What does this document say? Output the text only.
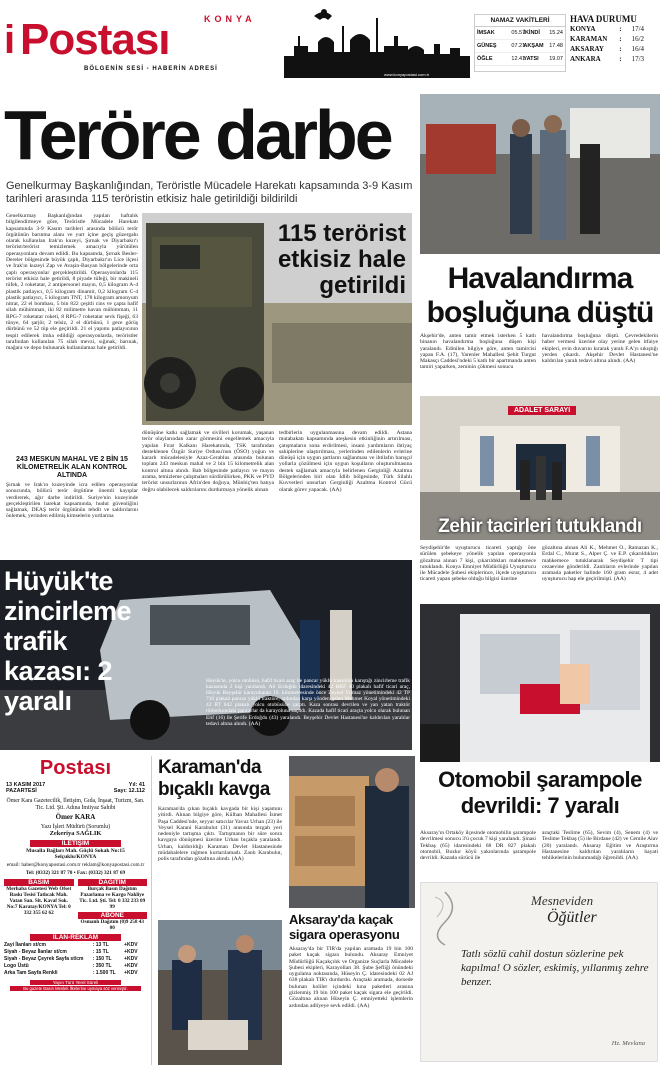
KONYA
i Postası
BÖLGENİN SESİ - HABERİN ADRESİ
www.konyapostasi.com.tr
NAMAZ VAKİTLERİ
İMSAK	05.57
İKİNDİ	15.24
GÜNEŞ	07.21
AKŞAM	17.48
ÖĞLE	12.41
YATSI	19.07
HAVA DURUMU
KONYA	:	17/4
KARAMAN	:	16/2
AKSARAY	:	16/4
ANKARA	:	17/3
Teröre darbe
Genelkurmay Başkanlığından, Teröristle Mücadele Harekatı kapsamında 3-9 Kasım tarihleri arasında 115 teröristin etkisiz hale getirildiği bildirildi
115 terörist etkisiz hale getirildi
Genelkurmay Başkanlığından yapılan haftalık bilgilendirmeye göre, Teröristle Mücadele Harekatı kapsamında 3-9 Kasım tarihleri arasında bölücü terör örgütünün barınma alanı ve yurt içine geçiş güzergahı olarak kullanılan Irak'ın kuzeyi, Şırnak ve Diyarbakır'ı terörist/terörist temizlemek amacıyla yürütülen operasyonlara devam edildi. Bu kapsamda, Şırnak Besler-Dereler bölgesinde büyük çaplı, Diyarbakır'ın Lice ilçesi ve Irak'ın kuzeyi Zap ve Avaşin-Basyan bölgelerinde orta çaplı operasyonlar gerçekleştirildi. Operasyonlarda 115 terörist etkisiz hale getirildi, 8 piyade tüfeği, bir makineli tüfek, 2 roketatar, 2 antipersonel mayın, 0,5 kilogram A-4 plastik patlayıcı, 0,5 kilogram dinamit, 0,2 kilogram C-4 plastik patlayıcı, 5 kilogram TNT, 178 kilogram amonyum nitrat, 22 el bombası, 5 bin 822 çeşitli cins ve çapta hafif silah mühimmatı, iki 82 milimetre havan mühimmatı, 11 RPG-7 roketatar roketi, 8 RPG-7 roketatar sevk fişeği, 63 tünye, 64 şarjör, 2 telsiz, 2 el dürbünü, 1 gece görüş dürbünü ve 52 tüp ele geçirildi. 21 el yapımı patlayıcının tespit edilerek imha edildiği operasyonlarda, teröristler tarafından kullanılan 75 silah mevzi, sığınak, barınak, mağara ve depo bulunarak kullanılamaz hale getirildi.
243 MESKUN MAHAL VE 2 BİN 15 KİLOMETRELİK ALAN KONTROL ALTINDA
Şırnak ve Irak'ın kuzeyinde icra edilen operasyonlar sonucunda, bölücü terör örgütüne önemli kayıplar verdirerek, ağır darbe indirildi. Suriye'nin kuzeyinde gerçekleştirilen harekat kapsamında, hudut güvenliğini sağlamak, DEAŞ terör örgütünün tehdit ve saldırılarını önlemek, yerinden edilmiş kimselerin yurtlarına
dönüşüne katkı sağlamak ve sivilleri korumak, yaşanan terör olaylarından zarar görmesini engellemek amacıyla yapılan Fırat Kalkanı Harekatında, TSK tarafından desteklenen Özgür Suriye Ordusu'nun (ÖSO) yoğun ve kararlı mücadelesiyle Azaz-Cerablus arasında bulunan toplam 243 meskun mahal ve 2 bin 15 kilometrelik alan kontrol altına alındı. Bab bölgesinde patlayıcı ve mayın arama, temizleme çalışmaları sürdürülürken, PKK ve PYD terörist unsurlarının Afrin'den doğuya, Münbiç'ten batıya doğru olabilecek saldırılarını durdurmaya yönelik alınan
tedbirlerin uygulanmasına devam edildi. Astana mutabakatı kapsamında ateşkesin etkinliğinin artırılması, çatışmaların sona erdirilmesi, insani yardımların ihtiyaç sahiplerine ulaştırılması, yerlerinden edilenlerin evlerine dönüşü için uygun şartların sağlanması ve ihtilafın barışçıl yollarla çözülmesi için uygun koşulların oluşturulmasına destek sağlamak amacıyla belirlenen Gerginliği Azaltma Bölgelerinden biri olan İdlib bölgesinde, Türk Silahlı Kuvvetleri unsurları Gerginliği Azaltma Kontrol Gücü olarak görev yapacak. (AA)
Havalandırma boşluğuna düştü
Akşehir'de, anten tamir etmek isterken 5 katlı binanın havalandırma boşluğuna düşen kişi yaralandı. Edinilen bilgiye göre, anten tamircisi yapan F.A. (17), Yarenler Mahallesi Şehit Turgut Makasçı Caddesi'ndeki 5 katlı bir apartmanda anten tamiri yaparken, zeminin çökmesi sonucu
havalandırma boşluğuna düştü. Çevredekilerin haber vermesi üzerine olay yerine gelen itfaiye ekipleri, evin duvarını kırarak yaralı F.A'yı sıkıştığı yerden çıkardı. Akşehir Devlet Hastanesi'ne kaldırılan yaralı tedavi altına alındı. (AA)
ADALET SARAYI
Zehir tacirleri tutuklandı
Seydişehir'de uyuşturucu ticareti yaptığı öne sürülen şebekeye yönelik yapılan operasyonla gözaltına alınan 7 kişi, çıkarıldıkları mahkemece tutuklandı. Konya Emniyet Müdürlüğü Uyuşturucu ile Mücadele Şubesi ekiplerince, ilçede uyuşturucu ticareti yapan şebeke olduğu bilgisi üzerine
gözaltına alınan Ali K., Mehmet Ö., Ramazan K., Erdal C., Murat S., Alper Ç. ve E.P. çıkarıldıkları mahkemece tutuklanarak Seydişehir T tipi cezaevine gönderildi. Zanlıların evlerinde yapılan aramada paketler halinde 160 gram esrar, 4 adet uyuşturucu hap ele geçirilmişti. (AA)
Hüyük'te zincirleme trafik kazası: 2 yaralı
Hüyük'te, yolcu otobüsü, hafif ticari araç ile pancar yüklü traktörün karıştığı zincirleme trafik kazasında 2 kişi yaralandı. Ali Erdoğdu idaresindeki 42 BKF 40 plakalı hafif ticari araç, Hüyük Beyşehir karayolunun 10. kilometresinde önce Zeynel Yılmaz yönetimindeki 42 TP 710 plakalı pancar yüklü traktöre, ardından karşı yönden gelen Mehmet Koyal yönetimindeki 42 RT 642 plakalı yolcu otobüsüne çarptı. Kaza sonrası devrilen ve yan yatan traktör römorkundaki pancarlar da karayoluna saçıldı. Kazada hafif ticari araçta yolcu olarak bulunan Elif (16) ile Şerife Erdoğdu (43) yaralandı. Beyşehir Devlet Hastanesi'ne kaldırılan yaralılar tedavi altına alındı. (AA)
Otomobil şarampole devrildi: 7 yaralı
Aksaray'ın Ortaköy ilçesinde otomobilin şarampole devrilmesi sonucu 3'ü çocuk 7 kişi yaralandı. Şinasi Tekbaş (65) idaresindeki 68 DR 827 plakalı otomobil, Bozkır köyü yakınlarında şarampole devrildi. Kazada sürücü ile
araçtaki Teslime (65), Sevim (4), Senem (4) ve Teslime Tekbaş (5) ile Birdane (42) ve Cemile Alav (20) yaralandı. Aksaray Eğitim ve Araştırma Hastanesine kaldırılan yaralıların hayati tehlikelerinin bulunmadığı öğrenildi. (AA)
Postası
13 KASIM 2017 PAZARTESİ
Yıl: 41
Sayı: 12.112
Ömer Kara Gazetecilik, İletişim, Gıda, İnşaat, Turizm, San. Tic. Ltd. Şti. Adına İmtiyaz Sahibi
Ömer KARA
Yazı İşleri Müdürü (Sorumlu)
Zekeriya SAĞLIK
İLETİŞİM
Musalla Bağları Mah. Güçlü Sokak No:15 Selçuklu/KONYA
email: haber@konyapostasi.com.tr reklam@konyapostasi.com.tr
Tel: (0332) 321 87 70 • Fax: (0332) 321 87 69
BASIM
Merhaba Gazetesi Web Ofset Baskı Tesisi Tatlıcak Mah. Vatan San. Sit. Kavaf Sok. No:7 Karatay/KONYA Tel: 0 332 355 62 62
DAĞITIM
Burçak Basın Dağıtım Pazarlama ve Kargo Nakliye Tic. Ltd. Şti. Tel: 0 332 233 09 99
ABONE
Osmanlı Dağıtım (0)9 258 43 00
İLAN-REKLAM
Zayi İlanları st/cm	: 13 TL	+KDV
Siyah - Beyaz İlanlar st/cm	: 15 TL	+KDV
Siyah - Beyaz Çeyrek Sayfa st/cm	: 150 TL	+KDV
Logo Üstü	: 350 TL	+KDV
Arka Tam Sayfa Renkli	: 1.500 TL	+KDV
Yayın Türü Yerel Süreli
Bu gazete Basın Meslek İlkelerine uymaya söz vermiştir.
Karaman'da bıçaklı kavga
Karaman'da çıkan bıçaklı kavgada bir kişi yaşamını yitirdi. Alınan bilgiye göre, Külhan Mahallesi İsmet Paşa Caddesi'nde, seyyar satıcılar Yavuz Urhan (23) ile Veysel Karani Karabulut (31) arasında tezgah yeri nedeniyle tartışma çıktı. Tartışmanın bir süre sonra kavgaya dönüşmesi üzerine Urhan bıçakla yaralandı. Urhan, kaldırıldığı Karaman Devlet Hastanesinde müdahalelere rağmen kurtarılamadı. Zanlı Karabulut, polis tarafından gözaltına alındı. (AA)
Aksaray'da kaçak sigara operasyonu
Aksaray'da bir TIR'da yapılan aramada 19 bin 100 paket kaçak sigara bulundu. Aksaray Emniyet Müdürlüğü Kaçakçılık ve Organize Suçlarla Mücadele Şubesi ekipleri, Karayolları 38. Şube Şefliği önündeki uygulama noktasında, Hüseyin Ç. idaresindeki 02 AJ 638 plakalı TIR'ı durdurdu. Araçtaki aramada, dorsede bulunan koliler içindeki kına paketleri arasına gizlenmiş 19 bin 100 paket kaçak sigara ele geçirildi. Gözaltına alınan Hüseyin Ç. emniyetteki işlemlerin ardından adliyeye sevk edildi. (AA)
Mesneviden
Öğütler
Tatlı sözlü cahil dostun sözlerine pek kapılma! O sözler, eskimiş, yıllanmış zehre benzer.
Hz. Mevlana
